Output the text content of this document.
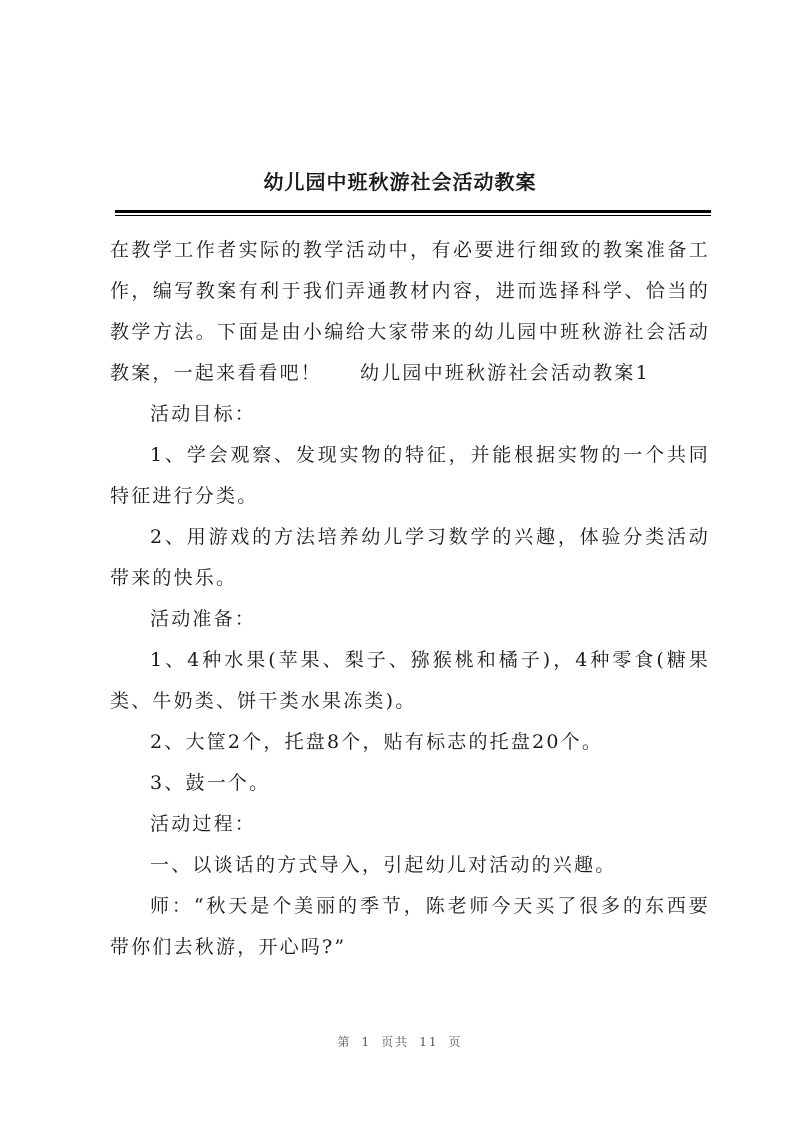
幼儿园中班秋游社会活动教案

在教学工作者实际的教学活动中，有必要进行细致的教案准备工作，编写教案有利于我们弄通教材内容，进而选择科学、恰当的教学方法。下面是由小编给大家带来的幼儿园中班秋游社会活动教案，一起来看看吧！ 幼儿园中班秋游社会活动教案1

活动目标：

1、学会观察、发现实物的特征，并能根据实物的一个共同特征进行分类。

2、用游戏的方法培养幼儿学习数学的兴趣，体验分类活动带来的快乐。

活动准备：

1、4种水果(苹果、梨子、猕猴桃和橘子)，4种零食(糖果类、牛奶类、饼干类水果冻类)。

2、大筐2个，托盘8个，贴有标志的托盘20个。

3、鼓一个。

活动过程：

一、以谈话的方式导入，引起幼儿对活动的兴趣。

师：“秋天是个美丽的季节，陈老师今天买了很多的东西要带你们去秋游，开心吗?”

第 1 页共 11 页
